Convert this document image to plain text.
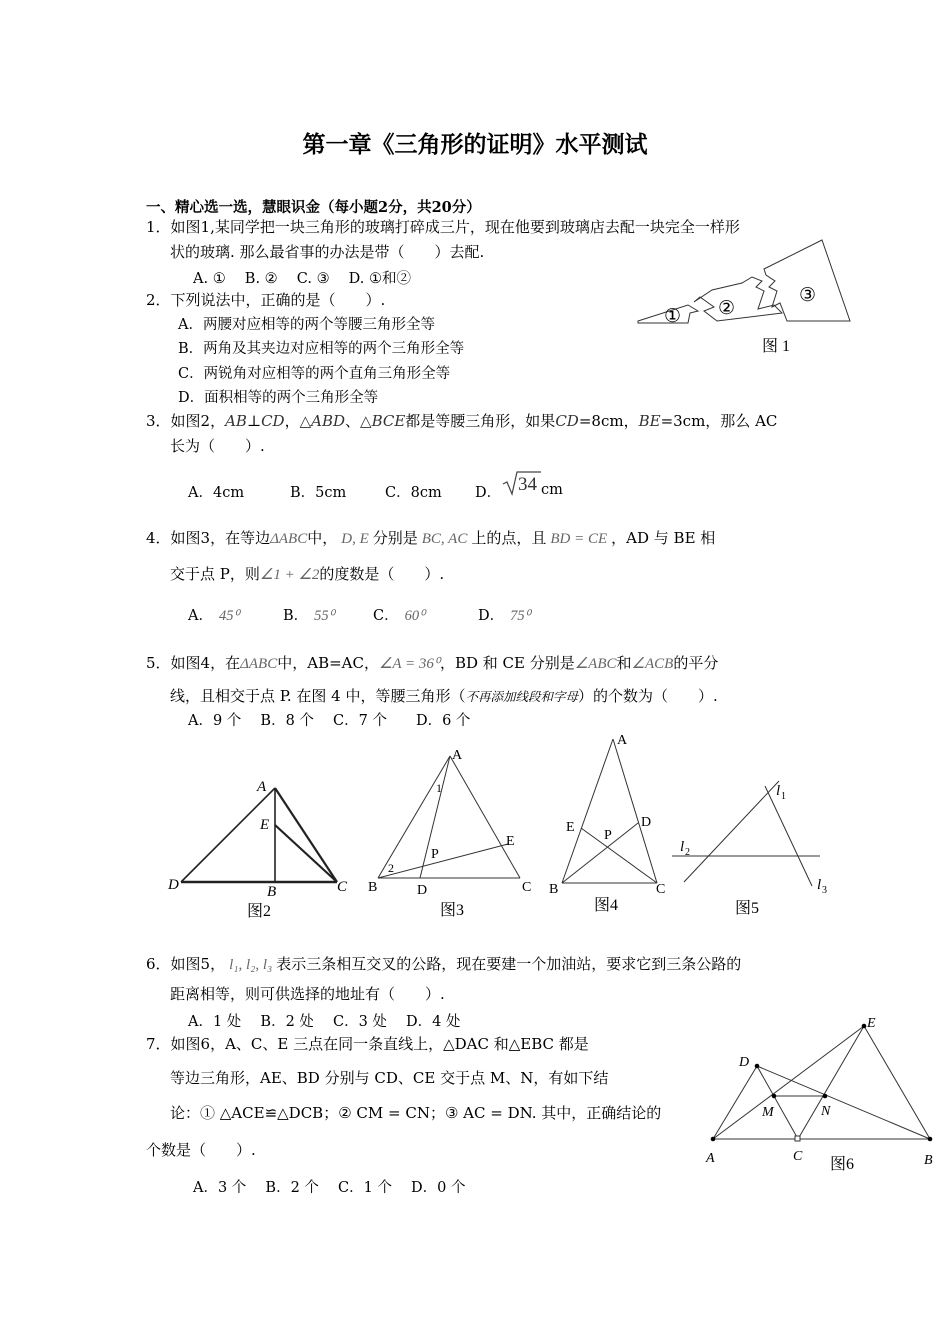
第一章《三角形的证明》水平测试
一、精心选一选，慧眼识金（每小题2分，共20分）
1．如图1,某同学把一块三角形的玻璃打碎成三片，现在他要到玻璃店去配一块完全一样形
状的玻璃. 那么最省事的办法是带（　　）去配.
A. ①　 B. ②　 C. ③　 D. ①和②
2．下列说法中，正确的是（　　）.
A．两腰对应相等的两个等腰三角形全等
B．两角及其夹边对应相等的两个三角形全等
C．两锐角对应相等的两个直角三角形全等
D．面积相等的两个三角形全等
3．如图2，AB⊥CD，△ABD、△BCE都是等腰三角形，如果CD=8cm，BE=3cm，那么 AC
长为（　　）.
A．4cm	B．5cm	C．8cm D． 34 cm
4．如图3，在等边ΔABC中， D, E 分别是 BC, AC 上的点，且 BD = CE ，AD 与 BE 相
交于点 P，则∠1 + ∠2的度数是（　　）.
A． 45⁰	B． 55⁰	C． 60⁰	D． 75⁰
5．如图4，在ΔABC中，AB=AC，∠A = 36⁰，BD 和 CE 分别是∠ABC和∠ACB的平分
线，且相交于点 P. 在图 4 中，等腰三角形（不再添加线段和字母）的个数为（　　）.
A．9 个　 B．8 个　 C．7 个　　D．6 个
① ②
③
图 1
A
E
D	B	C
图2
A
1
E
P
2
B	D	C
图3
A
E	D
P
B	C
图4
l 1
l 2
l 3
图5
6．如图5， l₁, l₂, l₃ 表示三条相互交叉的公路，现在要建一个加油站，要求它到三条公路的
距离相等，则可供选择的地址有（　　）.
A．1 处　 B．2 处　 C．3 处　 D．4 处
7．如图6，A、C、E 三点在同一条直线上，△DAC 和△EBC 都是
等边三角形，AE、BD 分别与 CD、CE 交于点 M、N，有如下结
论：① △ACE≌△DCB；② CM = CN；③ AC = DN. 其中，正确结论的
个数是（　　）.
A．3 个　 B．2 个　 C．1 个　 D．0 个
E
D
M	N
A	C	B
图6
